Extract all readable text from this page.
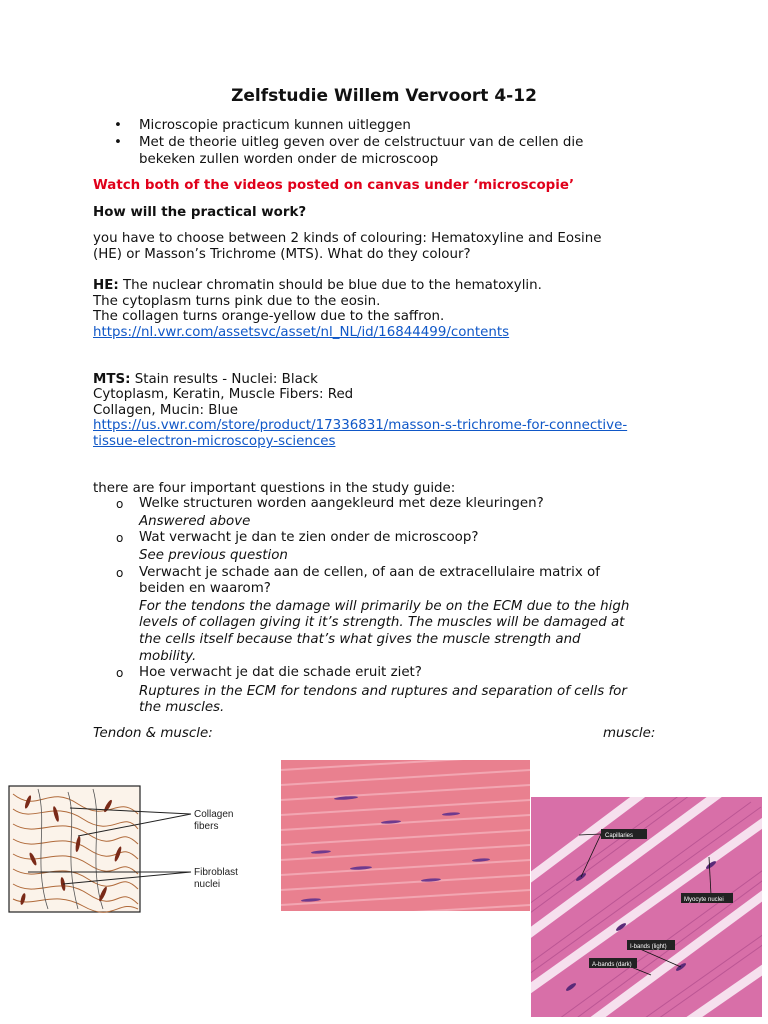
Zelfstudie Willem Vervoort 4-12
• Microscopie practicum kunnen uitleggen
• Met de theorie uitleg geven over de celstructuur van de cellen die
bekeken zullen worden onder de microscoop
Watch both of the videos posted on canvas under ‘microscopie’
How will the practical work?
you have to choose between 2 kinds of colouring: Hematoxyline and Eosine
(HE) or Masson’s Trichrome (MTS). What do they colour?
HE: The nuclear chromatin should be blue due to the hematoxylin.
The cytoplasm turns pink due to the eosin.
The collagen turns orange-yellow due to the saffron.
https://nl.vwr.com/assetsvc/asset/nl_NL/id/16844499/contents
MTS: Stain results - Nuclei: Black
Cytoplasm, Keratin, Muscle Fibers: Red
Collagen, Mucin: Blue
https://us.vwr.com/store/product/17336831/masson-s-trichrome-for-connective-
tissue-electron-microscopy-sciences
there are four important questions in the study guide:
o Welke structuren worden aangekleurd met deze kleuringen?
Answered above
o Wat verwacht je dan te zien onder de microscoop?
See previous question
o Verwacht je schade aan de cellen, of aan de extracellulaire matrix of
beiden en waarom?
For the tendons the damage will primarily be on the ECM due to the high
levels of collagen giving it it’s strength. The muscles will be damaged at
the cells itself because that’s what gives the muscle strength and
mobility.
o Hoe verwacht je dat die schade eruit ziet?
Ruptures in the ECM for tendons and ruptures and separation of cells for
the muscles.
Tendon & muscle:	muscle:
Collagen
fibers
Fibroblast
nuclei
Capillaries
Myocyte nuclei
I-bands (light)
A-bands (dark)
